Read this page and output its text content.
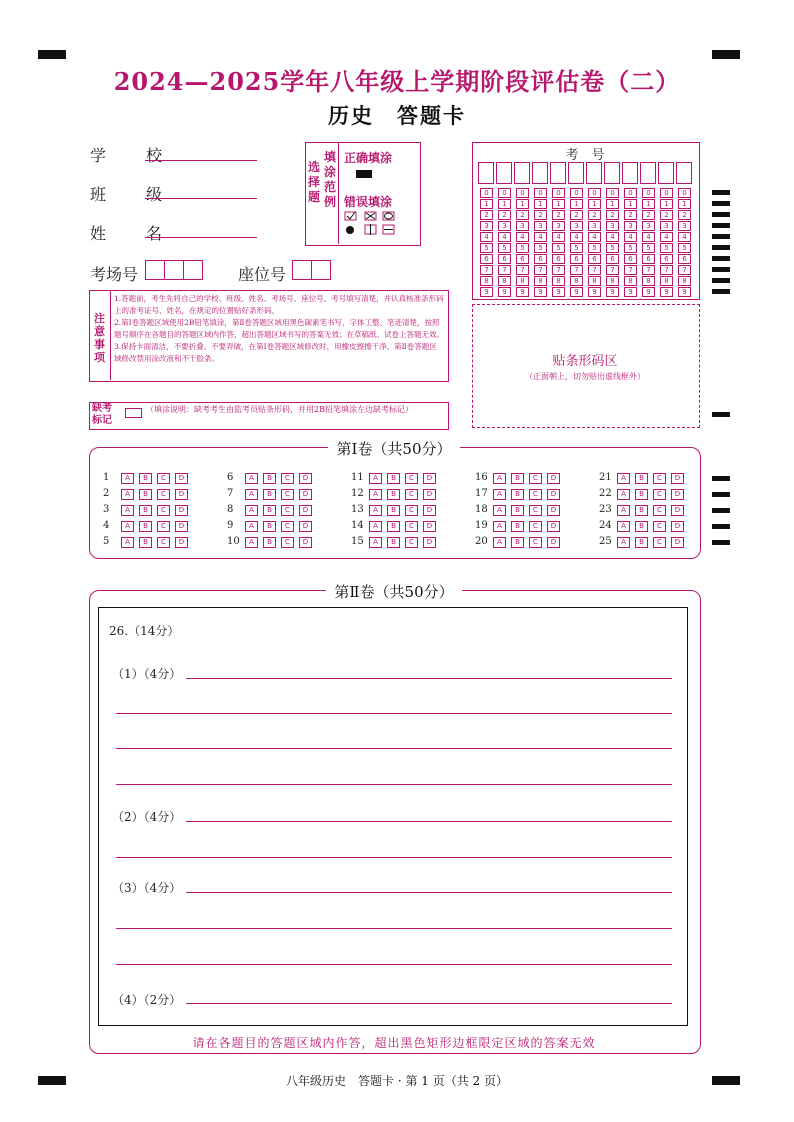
2024—2025学年八年级上学期阶段评估卷（二）
历史　答题卡
学　校
班　级
姓　名
考场号	座位号
选择题
填涂范例
正确填涂
错误填涂
考　号
0	0	0	0	0	0	0	0	0	0	0	0
1	1	1	1	1	1	1	1	1	1	1	1
2	2	2	2	2	2	2	2	2	2	2	2
3	3	3	3	3	3	3	3	3	3	3	3
4	4	4	4	4	4	4	4	4	4	4	4
5	5	5	5	5	5	5	5	5	5	5	5
6	6	6	6	6	6	6	6	6	6	6	6
7	7	7	7	7	7	7	7	7	7	7	7
8	8	8	8	8	8	8	8	8	8	8	8
9	9	9	9	9	9	9	9	9	9	9	9
贴条形码区
（正面朝上，切勿贴出虚线框外）
注意事项
1.答题前，考生先将自己的学校、班级、姓名、考场号、座位号、考号填写清楚，并认真核准条形码上的准考证号、姓名，在规定的位置贴好条形码。
2.第Ⅰ卷答题区域使用2B铅笔填涂，第Ⅱ卷答题区域用黑色碳素笔书写，字体工整、笔迹清楚，按照题号顺序在各题目的答题区域内作答，超出答题区域书写的答案无效；在草稿纸、试卷上答题无效。
3.保持卡面清洁，不要折叠、不要弄破，在第Ⅰ卷答题区域修改时，用橡皮擦擦干净。第Ⅱ卷答题区域修改禁用涂改液和不干胶条。
缺考标记
（填涂说明：缺考考生由监考员贴条形码，并用2B铅笔填涂左边缺考标记）
第Ⅰ卷（共50分）
1	A	B	C	D
2	A	B	C	D
3	A	B	C	D
4	A	B	C	D
5	A	B	C	D
6	A	B	C	D
7	A	B	C	D
8	A	B	C	D
9	A	B	C	D
10	A	B	C	D
11	A	B	C	D
12	A	B	C	D
13	A	B	C	D
14	A	B	C	D
15	A	B	C	D
16	A	B	C	D
17	A	B	C	D
18	A	B	C	D
19	A	B	C	D
20	A	B	C	D
21	A	B	C	D
22	A	B	C	D
23	A	B	C	D
24	A	B	C	D
25	A	B	C	D
第Ⅱ卷（共50分）
26.（14分）
（1）（4分）
（2）（4分）
（3）（4分）
（4）（2分）
请在各题目的答题区域内作答，超出黑色矩形边框限定区域的答案无效
八年级历史　答题卡 · 第 1 页（共 2 页）
